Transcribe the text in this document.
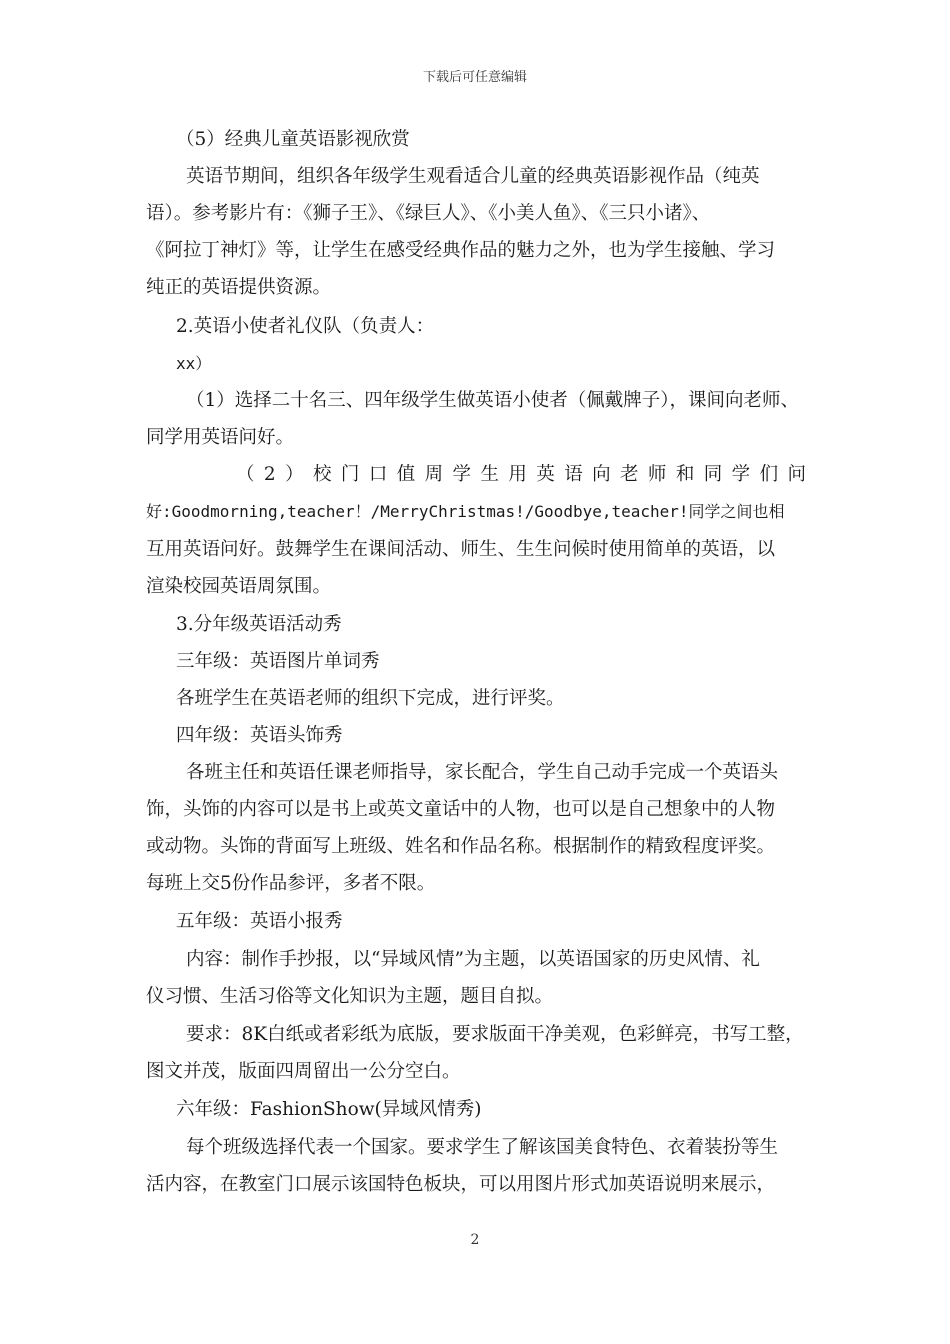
下载后可任意编辑
（5）经典儿童英语影视欣赏
英语节期间，组织各年级学生观看适合儿童的经典英语影视作品（纯英
语）。参考影片有：《狮子王》、《绿巨人》、《小美人鱼》、《三只小诸》、
《阿拉丁神灯》等，让学生在感受经典作品的魅力之外，也为学生接触、学习
纯正的英语提供资源。
2.英语小使者礼仪队（负责人：
xx）
（1）选择二十名三、四年级学生做英语小使者（佩戴牌子），课间向老师、
同学用英语问好。
（2）校门口值周学生用英语向老师和同学们问
好:Goodmorning,teacher！/MerryChristmas!/Goodbye,teacher!同学之间也相
互用英语问好。鼓舞学生在课间活动、师生、生生问候时使用简单的英语，以
渲染校园英语周氛围。
3.分年级英语活动秀
三年级：英语图片单词秀
各班学生在英语老师的组织下完成，进行评奖。
四年级：英语头饰秀
各班主任和英语任课老师指导，家长配合，学生自己动手完成一个英语头
饰，头饰的内容可以是书上或英文童话中的人物，也可以是自己想象中的人物
或动物。头饰的背面写上班级、姓名和作品名称。根据制作的精致程度评奖。
每班上交5份作品参评，多者不限。
五年级：英语小报秀
内容：制作手抄报，以“异域风情”为主题，以英语国家的历史风情、礼
仪习惯、生活习俗等文化知识为主题，题目自拟。
要求：8K白纸或者彩纸为底版，要求版面干净美观，色彩鲜亮，书写工整，
图文并茂，版面四周留出一公分空白。
六年级：FashionShow(异域风情秀)
每个班级选择代表一个国家。要求学生了解该国美食特色、衣着装扮等生
活内容，在教室门口展示该国特色板块，可以用图片形式加英语说明来展示，
2
